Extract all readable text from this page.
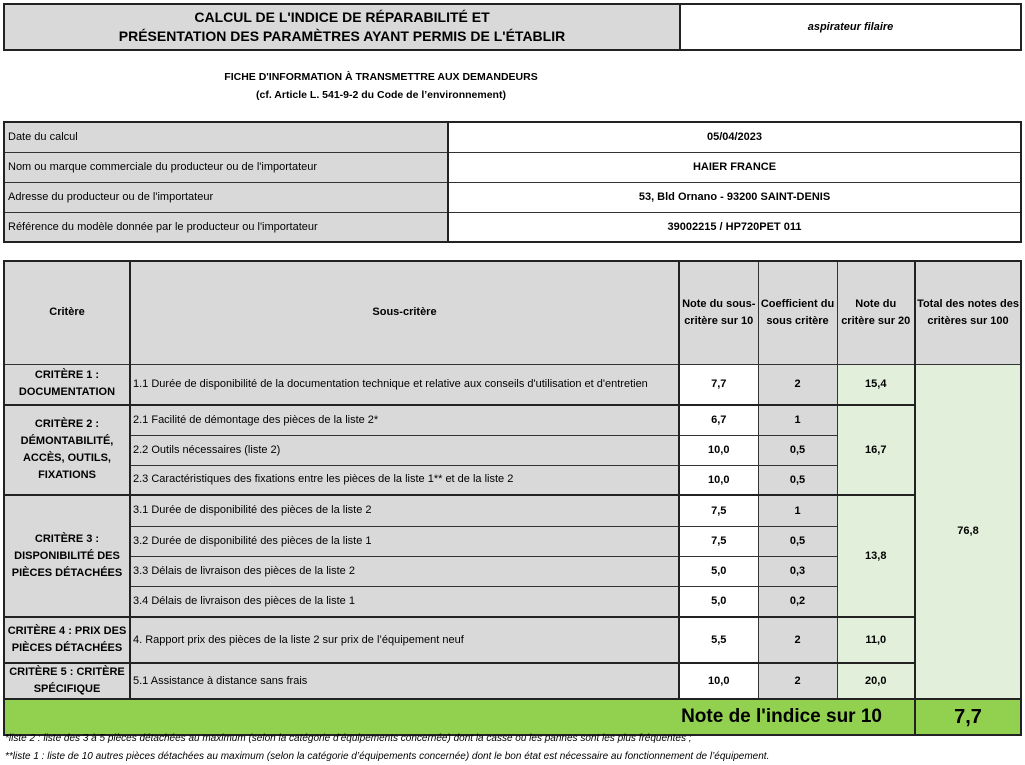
CALCUL DE L'INDICE DE RÉPARABILITÉ ET
PRÉSENTATION DES PARAMÈTRES AYANT PERMIS DE L'ÉTABLIR
aspirateur filaire
FICHE D'INFORMATION À TRANSMETTRE AUX DEMANDEURS
(cf. Article L. 541-9-2 du Code de l’environnement)
Date du calcul	05/04/2023
Nom ou marque commerciale du producteur ou de l'importateur	HAIER FRANCE
Adresse du producteur ou de l'importateur	53, Bld Ornano - 93200 SAINT-DENIS
Référence du modèle donnée par le producteur ou l'importateur	39002215 / HP720PET 011
Critère	Sous-critère	Note du sous-critère sur 10	Coefficient du sous critère	Note du critère sur 20	Total des notes des critères sur 100
CRITÈRE 1 : DOCUMENTATION	1.1 Durée de disponibilité de la documentation technique et relative aux conseils d'utilisation et d'entretien	7,7	2	15,4	76,8
CRITÈRE 2 : DÉMONTABILITÉ, ACCÈS, OUTILS, FIXATIONS	2.1 Facilité de démontage des pièces de la liste 2*	6,7	1	16,7	
	2.2 Outils nécessaires (liste 2)	10,0	0,5		
	2.3 Caractéristiques des fixations entre les pièces de la liste 1** et de la liste 2	10,0	0,5		
CRITÈRE 3 : DISPONIBILITÉ DES PIÈCES DÉTACHÉES	3.1 Durée de disponibilité des pièces de la liste 2	7,5	1	13,8	
	3.2 Durée de disponibilité des pièces de la liste 1	7,5	0,5		
	3.3 Délais de livraison des pièces de la liste 2	5,0	0,3		
	3.4 Délais de livraison des pièces de la liste 1	5,0	0,2		
CRITÈRE 4 : PRIX DES PIÈCES DÉTACHÉES	4. Rapport prix des pièces de la liste 2 sur prix de l’équipement neuf	5,5	2	11,0	
CRITÈRE 5 : CRITÈRE SPÉCIFIQUE	5.1 Assistance à distance sans frais	10,0	2	20,0	
Note de l'indice sur 10					7,7
*liste 2 : liste des 3 à 5 pièces détachées au maximum (selon la catégorie d’équipements concernée) dont la casse ou les pannes sont les plus fréquentes ;
**liste 1 : liste de 10 autres pièces détachées au maximum (selon la catégorie d’équipements concernée) dont le bon état est nécessaire au fonctionnement de l’équipement.
